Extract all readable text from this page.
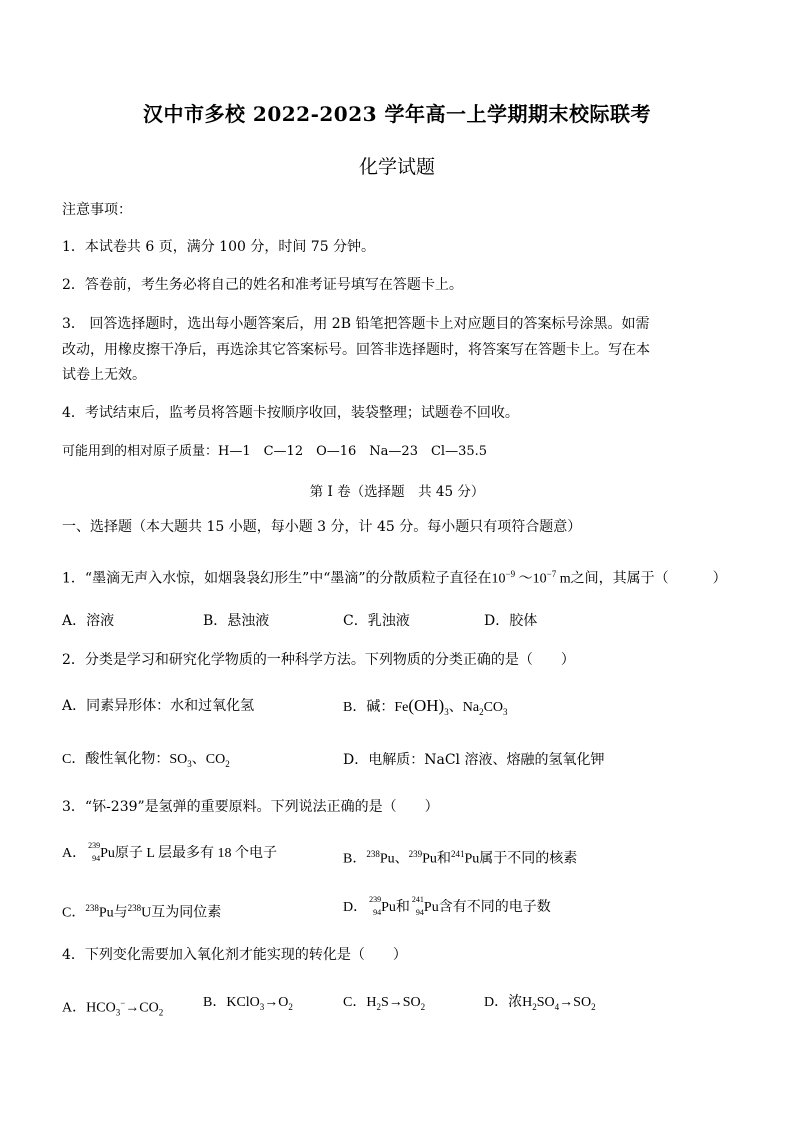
汉中市多校 2022-2023 学年高一上学期期末校际联考
化学试题
注意事项：
1．本试卷共 6 页，满分 100 分，时间 75 分钟。
2．答卷前，考生务必将自己的姓名和准考证号填写在答题卡上。
3． 回答选择题时，选出每小题答案后，用 2B 铅笔把答题卡上对应题目的答案标号涂黑。如需
改动，用橡皮擦干净后，再选涂其它答案标号。回答非选择题时，将答案写在答题卡上。写在本
试卷上无效。
4．考试结束后，监考员将答题卡按顺序收回，装袋整理；试题卷不回收。
可能用到的相对原子质量：H—1　C—12　O—16　Na—23　Cl—35.5
第 I 卷（选择题　共 45 分）
一、选择题（本大题共 15 小题，每小题 3 分，计 45 分。每小题只有项符合题意）
1．“墨滴无声入水惊，如烟袅袅幻形生”中“墨滴”的分散质粒子直径在$10^{-9}$ $\sim 10^{-7}$ m之间，其属于（	）
A．溶液	B．悬浊液	C．乳浊液	D．胶体
2．分类是学习和研究化学物质的一种科学方法。下列物质的分类正确的是（　　）
A．同素异形体：水和过氧化氢	B．碱：$Fe(OH)_3$、$Na_2CO_3$
C．酸性氧化物：$SO_3$、$CO_2$	D．电解质：NaCl 溶液、熔融的氢氧化钾
3．“钚-239”是氢弹的重要原料。下列说法正确的是（　　）
A．
239
94 Pu原子 L 层最多有 18 个电子	B．$^{238}$Pu、$^{239}$Pu和$^{241}$Pu属于不同的核素
C．$^{238}$Pu与$^{238}$U互为同位素	D．
239
94 Pu和
241
94 Pu含有不同的电子数
4．下列变化需要加入氧化剂才能实现的转化是（　　）
A．$HCO_3^-\to CO_2$
B．$KClO_3\to O_2$	C．$H_2S\to SO_2$	D．浓$H_2SO_4\to SO_2$
